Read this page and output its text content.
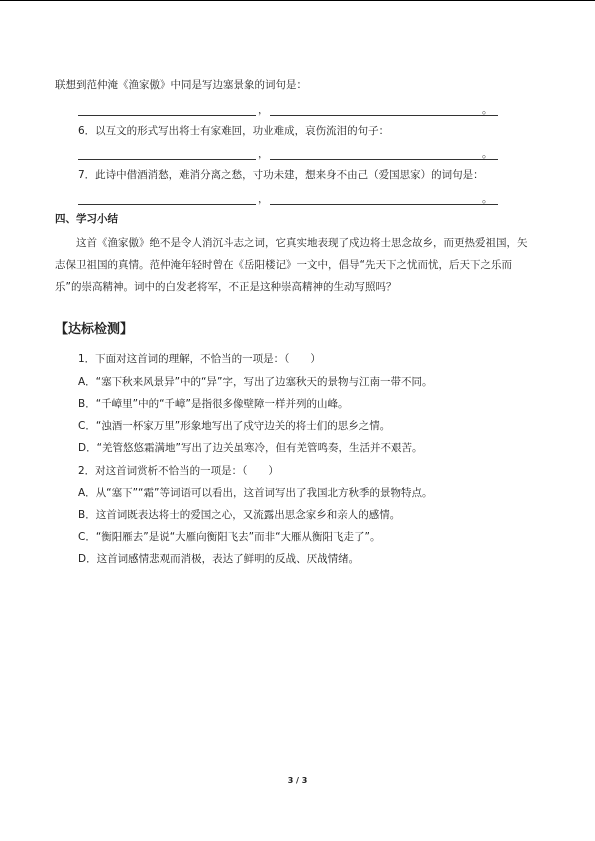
联想到范仲淹《渔家傲》中同是写边塞景象的词句是：
，	。
6．以互文的形式写出将士有家难回，功业难成，哀伤流泪的句子：
，	。
7．此诗中借酒消愁，难消分离之愁，寸功未建，想来身不由己（爱国思家）的词句是：
，	。
四、学习小结
这首《渔家傲》绝不是令人消沉斗志之词，它真实地表现了戍边将士思念故乡，而更热爱祖国，矢志保卫祖国的真情。范仲淹年轻时曾在《岳阳楼记》一文中，倡导“先天下之忧而忧，后天下之乐而乐”的崇高精神。词中的白发老将军，不正是这种崇高精神的生动写照吗？
【达标检测】
1．下面对这首词的理解，不恰当的一项是：（　　）
A．“塞下秋来风景异”中的“异”字，写出了边塞秋天的景物与江南一带不同。
B．“千嶂里”中的“千嶂”是指很多像壁障一样并列的山峰。
C．“浊酒一杯家万里”形象地写出了戍守边关的将士们的思乡之情。
D．“羌管悠悠霜满地”写出了边关虽寒冷，但有羌管鸣奏，生活并不艰苦。
2．对这首词赏析不恰当的一项是：（　　）
A．从“塞下”“霜”等词语可以看出，这首词写出了我国北方秋季的景物特点。
B．这首词既表达将士的爱国之心，又流露出思念家乡和亲人的感情。
C．“衡阳雁去”是说“大雁向衡阳飞去”而非“大雁从衡阳飞走了”。
D．这首词感情悲观而消极，表达了鲜明的反战、厌战情绪。
3 / 3
